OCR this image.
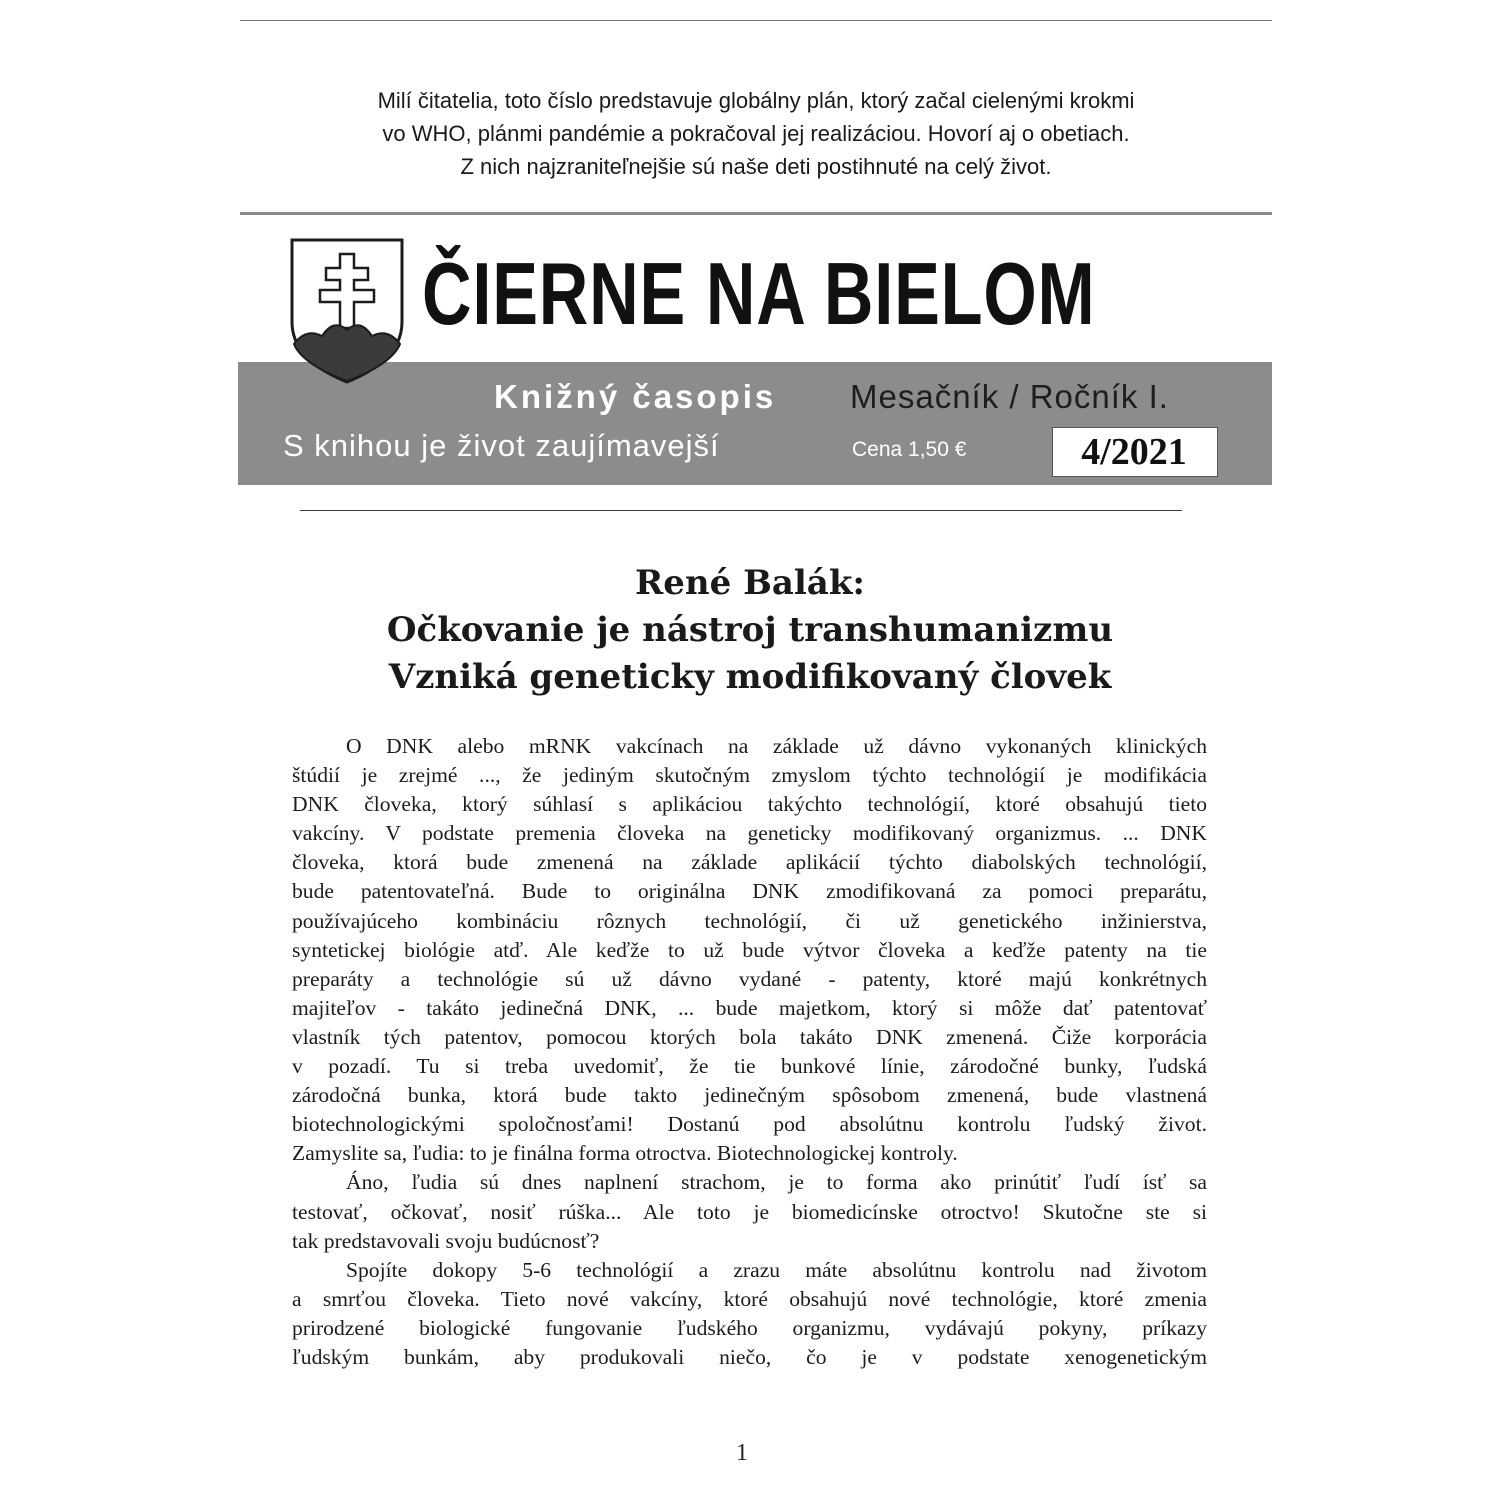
Milí čitatelia, toto číslo predstavuje globálny plán, ktorý začal cielenými krokmi
vo WHO, plánmi pandémie a pokračoval jej realizáciou. Hovorí aj o obetiach.
Z nich najzraniteľnejšie sú naše deti postihnuté na celý život.
Knižný časopis Mesačník / Ročník I.
S knihou je život zaujímavejší	Cena 1,50 €
ČIERNE NA BIELOM
4/2021
René Balák:
Očkovanie je nástroj transhumanizmu
Vzniká geneticky modifikovaný človek
O DNK alebo mRNK vakcínach na základe už dávno vykonaných klinických
štúdií je zrejmé ..., že jediným skutočným zmyslom týchto technológií je modifikácia
DNK človeka, ktorý súhlasí s aplikáciou takýchto technológií, ktoré obsahujú tieto
vakcíny. V podstate premenia človeka na geneticky modifikovaný organizmus. ... DNK
človeka, ktorá bude zmenená na základe aplikácií týchto diabolských technológií,
bude patentovateľná. Bude to originálna DNK zmodifikovaná za pomoci preparátu,
používajúceho kombináciu rôznych technológií, či už genetického inžinierstva,
syntetickej biológie atď. Ale keďže to už bude výtvor človeka a keďže patenty na tie
preparáty a technológie sú už dávno vydané - patenty, ktoré majú konkrétnych
majiteľov - takáto jedinečná DNK, ... bude majetkom, ktorý si môže dať patentovať
vlastník tých patentov, pomocou ktorých bola takáto DNK zmenená. Čiže korporácia
v pozadí. Tu si treba uvedomiť, že tie bunkové línie, zárodočné bunky, ľudská
zárodočná bunka, ktorá bude takto jedinečným spôsobom zmenená, bude vlastnená
biotechnologickými spoločnosťami! Dostanú pod absolútnu kontrolu ľudský život.
Zamyslite sa, ľudia: to je finálna forma otroctva. Biotechnologickej kontroly.
Áno, ľudia sú dnes naplnení strachom, je to forma ako prinútiť ľudí ísť sa
testovať, očkovať, nosiť rúška... Ale toto je biomedicínske otroctvo! Skutočne ste si
tak predstavovali svoju budúcnosť?
Spojíte dokopy 5-6 technológií a zrazu máte absolútnu kontrolu nad životom
a smrťou človeka. Tieto nové vakcíny, ktoré obsahujú nové technológie, ktoré zmenia
prirodzené biologické fungovanie ľudského organizmu, vydávajú pokyny, príkazy
ľudským bunkám, aby produkovali niečo, čo je v podstate xenogenetickým
1
